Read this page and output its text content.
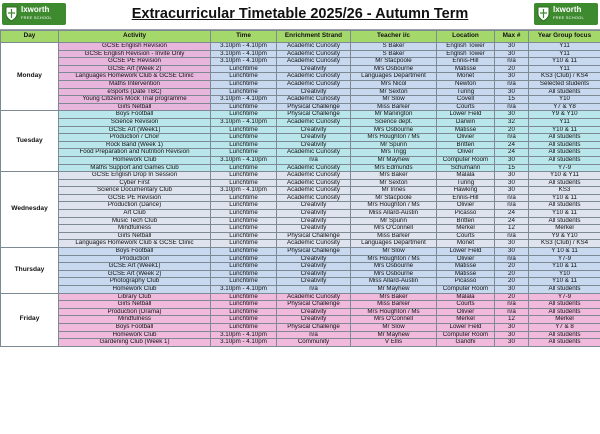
Ixworth
FREE SCHOOL	Extracurricular Timetable 2025/26 - Autumn Term	Ixworth
FREE SCHOOL
Day	Activity	Time	Enrichment Strand	Teacher i/c	Location	Max #	Year Group focus
Monday	GCSE English Revision	3.10pm - 4.10pm	Academic Curiosity	S Baker	English Tower	30	Y11
	GCSE English Revision - Invite Only	3.10pm - 4.10pm	Academic Curiosity	S Baker	English Tower	30	Y11
	GCSE PE Revision	3.10pm - 4.10pm	Academic Curiosity	Mr Stacpoole	Ennis-Hill	n/a	Y10 & 11
	GCSE Art (Week 2)	Lunchtime	Creativity	Mrs Osbourne	Matisse	20	Y11
	Languages Homework Club & GCSE Clinic	Lunchtime	Academic Curiosity	Languages Department	Monet	30	KS3 (Club) / KS4
	Maths Intervention	Lunchtime	Academic Curiosity	Mrs Nicol	Newton	n/a	Selected students
	eSports (Date TBC)	Lunchtime	Creativity	Mr Sexton	Turing	30	All students
	Young Citizens Mock Trial programme	3.10pm - 4.10pm	Academic Curiosity	Mr Slow	Covell	15	Y10
	Girls Netball	Lunchtime	Physical Challenge	Miss Barker	Courts	n/a	Y7 & Y8
Tuesday	Boys Football	Lunchtime	Physical Challenge	Mr Manington	Lower Field	30	Y9 & Y10
	Science Revision	3.10pm - 4.10pm	Academic Curiosity	Science dept.	Darwin	32	Y11
	GCSE Art (Week1)	Lunchtime	Creativity	Mrs Osbourne	Matisse	20	Y10 & 11
	Production / Choir	Lunchtime	Creativity	Mrs Houghton / Ms	Olivier	n/a	All students
	Rock Band (Week 1)	Lunchtime	Creativity	Mr Spurin	Britten	24	All students
	Food Preparation and Nutrition Revision	Lunchtime	Academic Curiosity	Mrs Trigg	Oliver	24	All students
	Homework Club	3.10pm - 4.10pm	n/a	Mr Mayhew	Computer Room	30	All students
	Maths Support and Games Club	Lunchtime	Academic Curiosity	Mrs Edmunds	Schumann	15	Y7-9
Wednesday	GCSE English Drop In Session	Lunchtime	Academic Curiosity	Mrs Baker	Malala	30	Y10 & Y11
	Cyber First	Lunchtime	Academic Curiosity	Mr Sexton	Turing	30	All students
	Science Documentary Club	3.10pm - 4.10pm	Academic Curiosity	Mr Innes	Hawking	30	KS3
	GCSE PE Revision	Lunchtime	Academic Curiosity	Mr Stacpoole	Ennis-Hill	n/a	Y10 & 11
	Production (Dance)	Lunchtime	Creativity	Mrs Houghton / Ms	Olivier	n/a	All students
	Art Club	Lunchtime	Creativity	Miss Allard-Austin	Picasso	24	Y10 & 11
	Music Tech Club	Lunchtime	Creativity	Mr Spurin	Britten	24	All students
	Mindfulness	Lunchtime	Creativity	Mrs O'Connell	Merkel	12	Merkel
	Girls Netball	Lunchtime	Physical Challenge	Miss Barker	Courts	n/a	Y9 & Y10
	Languages Homework Club & GCSE Clinic	Lunchtime	Academic Curiosity	Languages Department	Monet	30	KS3 (Club) / KS4
Thursday	Boys Football	Lunchtime	Physical Challenge	Mr Slow	Lower Field	30	Y 10 & 11
	Production	Lunchtime	Creativity	Mrs Houghton / Ms	Olivier	n/a	Y7-9
	GCSE Art (Week1)	Lunchtime	Creativity	Mrs Osbourne	Matisse	20	Y10 & 11
	GCSE Art (Week 2)	Lunchtime	Creativity	Mrs Osbourne	Matisse	20	Y10
	Photography Club	Lunchtime	Creativity	Miss Allard-Austin	Picasso	20	Y10 & 11
	Homework Club	3.10pm - 4.10pm	n/a	Mr Mayhew	Computer Room	30	All students
Friday	Library Club	Lunchtime	Academic Curiosity	Mrs Baker	Malala	20	Y7-9
	Girls Netball	Lunchtime	Physical Challenge	Miss Barker	Courts	n/a	All students
	Production (Drama)	Lunchtime	Creativity	Mrs Houghton / Ms	Olivier	n/a	All students
	Mindfulness	Lunchtime	Creativity	Mrs O'Connell	Merkel	12	Merkel
	Boys Football	Lunchtime	Physical Challenge	Mr Slow	Lower Field	30	Y7 & 8
	Homework Club	3.10pm - 4.10pm	n/a	Mr Mayhew	Computer Room	30	All students
	Gardening Club (Week 1)	3.10pm - 4.10pm	Community	V Ellis	Gandhi	30	All students
